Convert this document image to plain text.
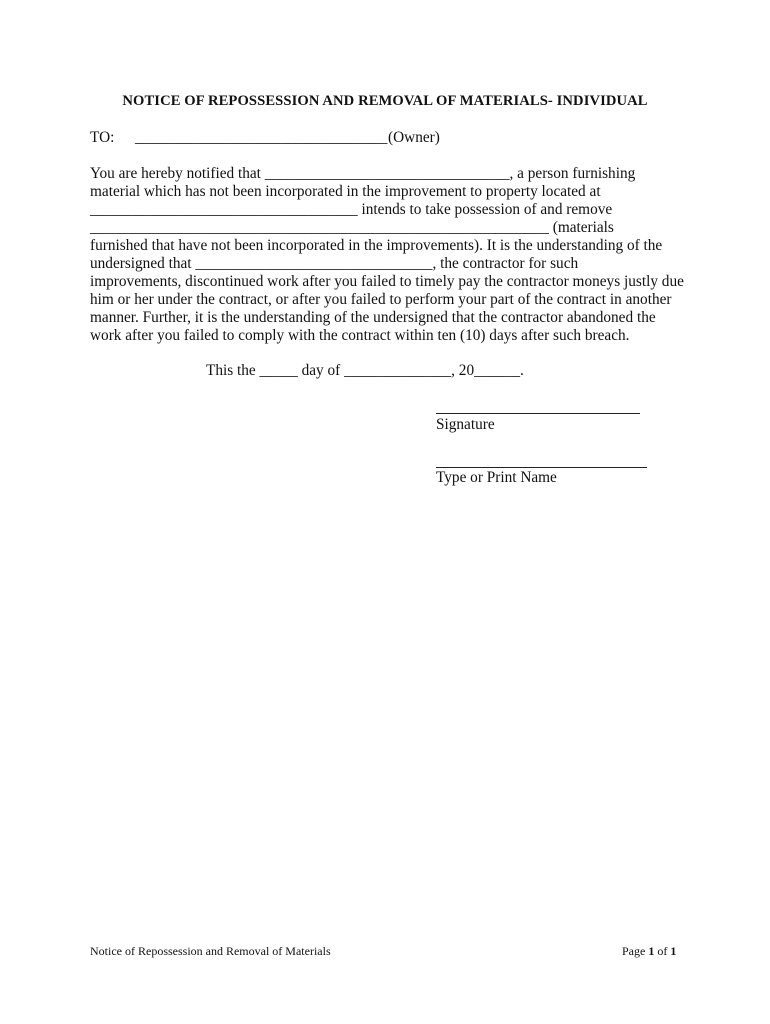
NOTICE OF REPOSSESSION AND REMOVAL OF MATERIALS- INDIVIDUAL
TO: _________________________________ (Owner)
You are hereby notified that ________________________________, a person furnishing
material which has not been incorporated in the improvement to property located at
___________________________________ intends to take possession of and remove
____________________________________________________________ (materials
furnished that have not been incorporated in the improvements). It is the understanding of the
undersigned that _______________________________, the contractor for such
improvements, discontinued work after you failed to timely pay the contractor moneys justly due
him or her under the contract, or after you failed to perform your part of the contract in another
manner. Further, it is the understanding of the undersigned that the contractor abandoned the
work after you failed to comply with the contract within ten (10) days after such breach.
This the _____ day of ______________, 20______.
Signature
Type or Print Name
Notice of Repossession and Removal of Materials	Page 1 of 1
